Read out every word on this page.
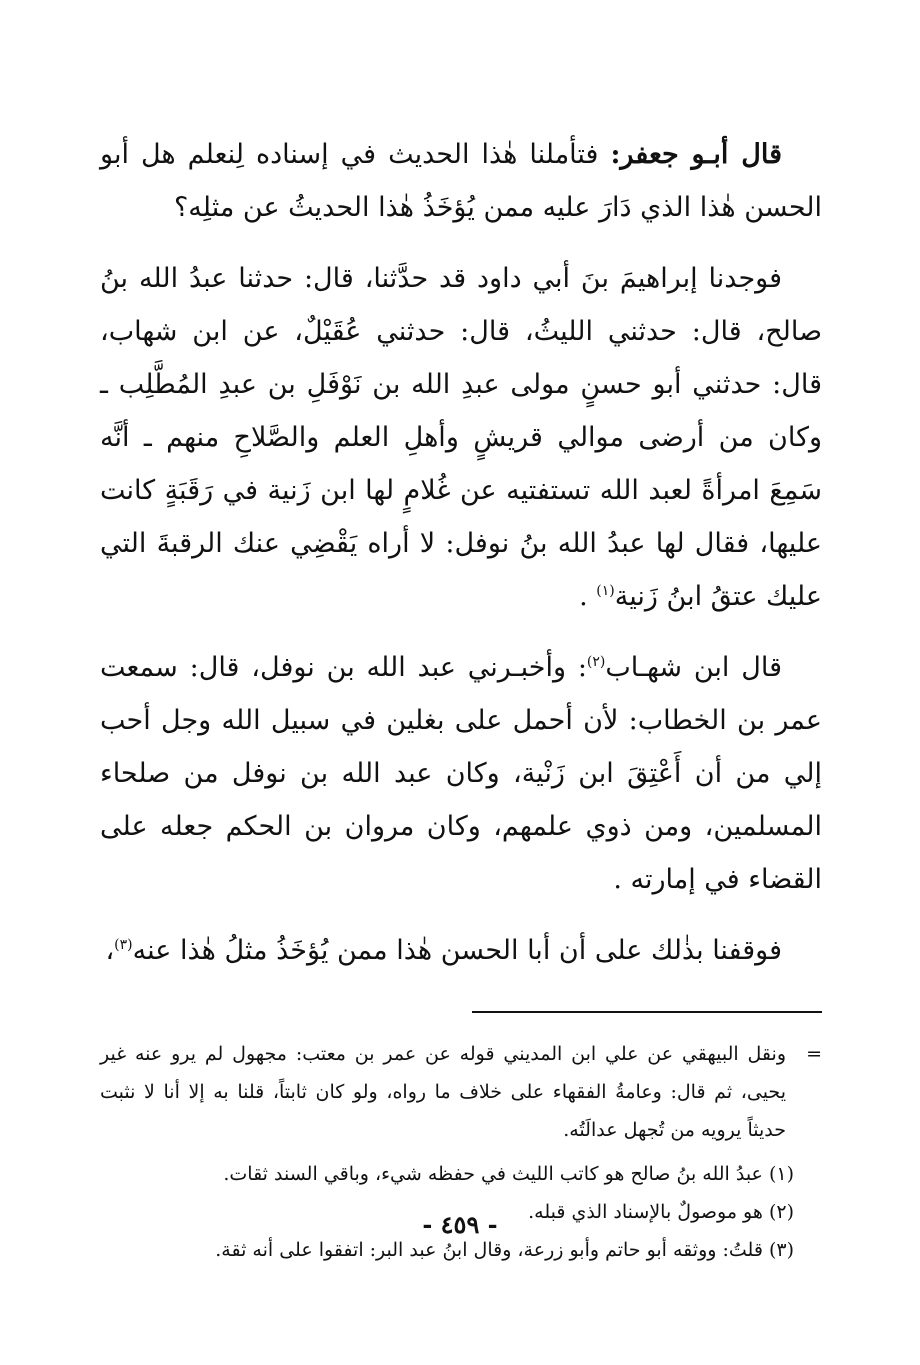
قال أبـو جعفر: فتأملنا هٰذا الحديث في إسناده لِنعلم هل أبو الحسن هٰذا الذي دَارَ عليه ممن يُؤخَذُ هٰذا الحديثُ عن مثلِه؟

فوجدنا إبراهيمَ بنَ أبي داود قد حدَّثنا، قال: حدثنا عبدُ الله بنُ صالح، قال: حدثني الليثُ، قال: حدثني عُقَيْلٌ، عن ابن شهاب، قال: حدثني أبو حسنٍ مولى عبدِ الله بن نَوْفَلِ بن عبدِ المُطَّلِب ـ وكان من أرضى موالي قريشٍ وأهلِ العلم والصَّلاحِ منهم ـ أنَّه سَمِعَ امرأةً لعبد الله تستفتيه عن غُلامٍ لها ابن زَنية في رَقَبَةٍ كانت عليها، فقال لها عبدُ الله بنُ نوفل: لا أراه يَقْضِي عنك الرقبةَ التي عليك عتقُ ابنُ زَنية$^{(١)}$ .

قال ابن شهـاب$^{(٢)}$: وأخبـرني عبد الله بن نوفل، قال: سمعت عمر بن الخطاب: لأن أحمل على بغلين في سبيل الله وجل أحب إلي من أن أَعْتِقَ ابن زَنْية، وكان عبد الله بن نوفل من صلحاء المسلمين، ومن ذوي علمهم، وكان مروان بن الحكم جعله على القضاء في إمارته .

فوقفنا بذٰلك على أن أبا الحسن هٰذا ممن يُؤخَذُ مثلُ هٰذا عنه$^{(٣)}$،

=
ونقل البيهقي عن علي ابن المديني قوله عن عمر بن معتب: مجهول لم يرو عنه غير يحيى، ثم قال: وعامةُ الفقهاء على خلاف ما رواه، ولو كان ثابتاً، قلنا به إلا أنا لا نثبت حديثاً يرويه من تُجهل عدالَتُه.
(١) عبدُ الله بنُ صالح هو كاتب الليث في حفظه شيء، وباقي السند ثقات.
(٢) هو موصولٌ بالإسناد الذي قبله.
(٣) قلتُ: ووثقه أبو حاتم وأبو زرعة، وقال ابنُ عبد البر: اتفقوا على أنه ثقة.
- ٤٥٩ -
